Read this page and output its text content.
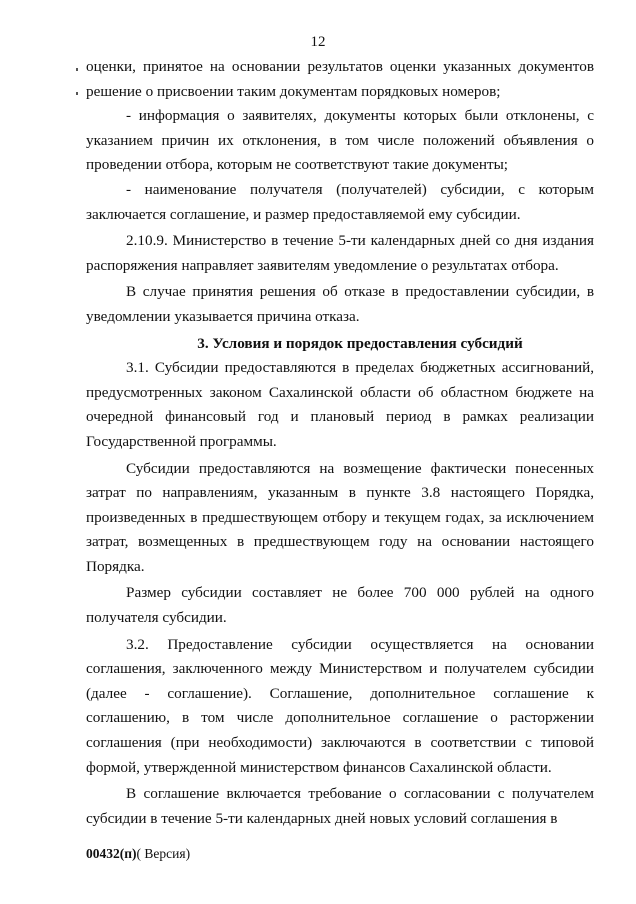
12

оценки, принятое на основании результатов оценки указанных документов решение о присвоении таким документам порядковых номеров;

- информация о заявителях, документы которых были отклонены, с указанием причин их отклонения, в том числе положений объявления о проведении отбора, которым не соответствуют такие документы;

- наименование получателя (получателей) субсидии, с которым заключается соглашение, и размер предоставляемой ему субсидии.

2.10.9. Министерство в течение 5-ти календарных дней со дня издания распоряжения направляет заявителям уведомление о результатах отбора.

В случае принятия решения об отказе в предоставлении субсидии, в уведомлении указывается причина отказа.

3. Условия и порядок предоставления субсидий

3.1. Субсидии предоставляются в пределах бюджетных ассигнований, предусмотренных законом Сахалинской области об областном бюджете на очередной финансовый год и плановый период в рамках реализации Государственной программы.

Субсидии предоставляются на возмещение фактически понесенных затрат по направлениям, указанным в пункте 3.8 настоящего Порядка, произведенных в предшествующем отбору и текущем годах, за исключением затрат, возмещенных в предшествующем году на основании настоящего Порядка.

Размер субсидии составляет не более 700 000 рублей на одного получателя субсидии.

3.2. Предоставление субсидии осуществляется на основании соглашения, заключенного между Министерством и получателем субсидии (далее - соглашение). Соглашение, дополнительное соглашение к соглашению, в том числе дополнительное соглашение о расторжении соглашения (при необходимости) заключаются в соответствии с типовой формой, утвержденной министерством финансов Сахалинской области.

В соглашение включается требование о согласовании с получателем субсидии в течение 5-ти календарных дней новых условий соглашения в

00432(п)( Версия)
